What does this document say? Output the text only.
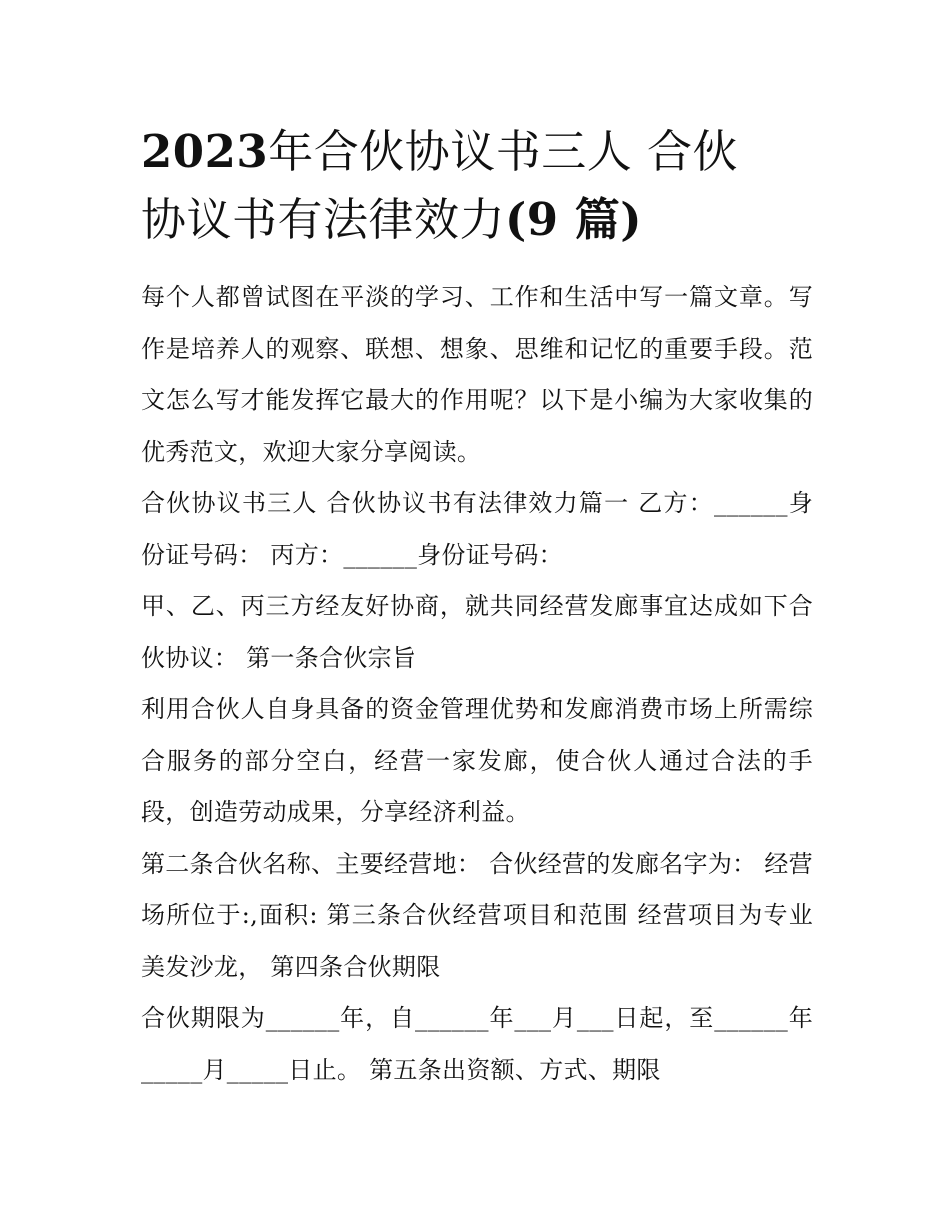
2023年合伙协议书三人 合伙
协议书有法律效力(9 篇)

每个人都曾试图在平淡的学习、工作和生活中写一篇文章。写作是培养人的观察、联想、想象、思维和记忆的重要手段。范文怎么写才能发挥它最大的作用呢？以下是小编为大家收集的优秀范文，欢迎大家分享阅读。

合伙协议书三人 合伙协议书有法律效力篇一 乙方：______身份证号码： 丙方：______身份证号码：

甲、乙、丙三方经友好协商，就共同经营发廊事宜达成如下合伙协议： 第一条合伙宗旨

利用合伙人自身具备的资金管理优势和发廊消费市场上所需综合服务的部分空白，经营一家发廊，使合伙人通过合法的手段，创造劳动成果，分享经济利益。

第二条合伙名称、主要经营地： 合伙经营的发廊名字为： 经营场所位于:,面积: 第三条合伙经营项目和范围 经营项目为专业美发沙龙， 第四条合伙期限

合伙期限为______年，自______年___月___日起，至______年_____月_____日止。 第五条出资额、方式、期限
